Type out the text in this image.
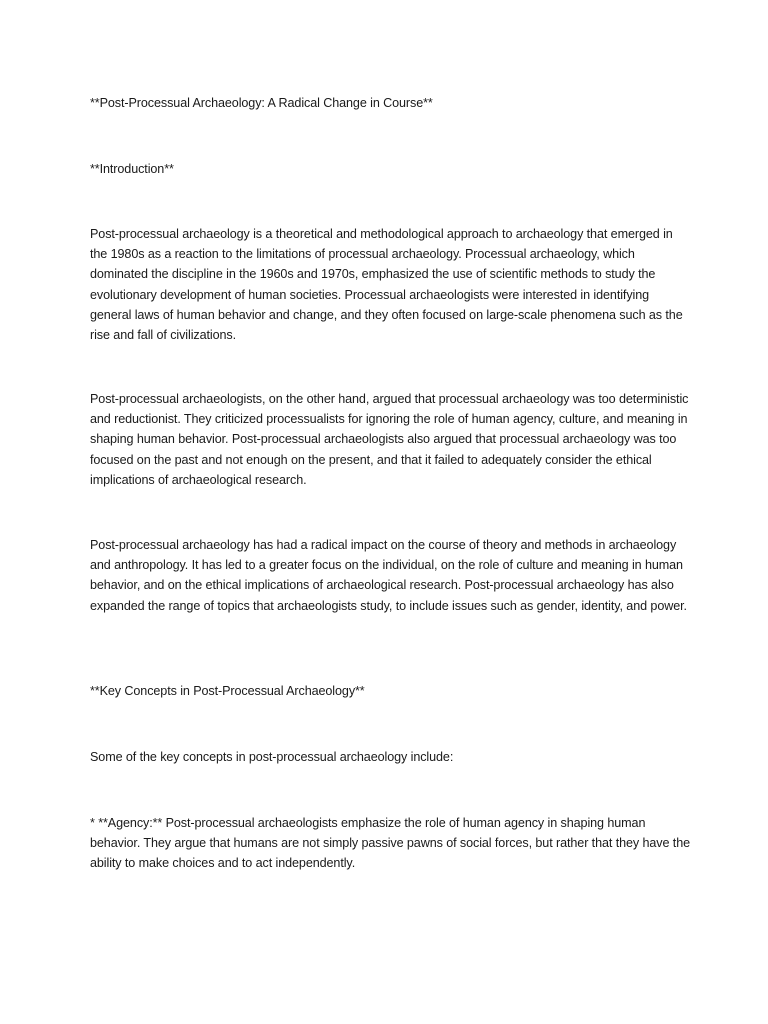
**Post-Processual Archaeology: A Radical Change in Course**

**Introduction**

Post-processual archaeology is a theoretical and methodological approach to archaeology that emerged in the 1980s as a reaction to the limitations of processual archaeology. Processual archaeology, which dominated the discipline in the 1960s and 1970s, emphasized the use of scientific methods to study the evolutionary development of human societies. Processual archaeologists were interested in identifying general laws of human behavior and change, and they often focused on large-scale phenomena such as the rise and fall of civilizations.

Post-processual archaeologists, on the other hand, argued that processual archaeology was too deterministic and reductionist. They criticized processualists for ignoring the role of human agency, culture, and meaning in shaping human behavior. Post-processual archaeologists also argued that processual archaeology was too focused on the past and not enough on the present, and that it failed to adequately consider the ethical implications of archaeological research.

Post-processual archaeology has had a radical impact on the course of theory and methods in archaeology and anthropology. It has led to a greater focus on the individual, on the role of culture and meaning in human behavior, and on the ethical implications of archaeological research. Post-processual archaeology has also expanded the range of topics that archaeologists study, to include issues such as gender, identity, and power.

**Key Concepts in Post-Processual Archaeology**

Some of the key concepts in post-processual archaeology include:

* **Agency:** Post-processual archaeologists emphasize the role of human agency in shaping human behavior. They argue that humans are not simply passive pawns of social forces, but rather that they have the ability to make choices and to act independently.
